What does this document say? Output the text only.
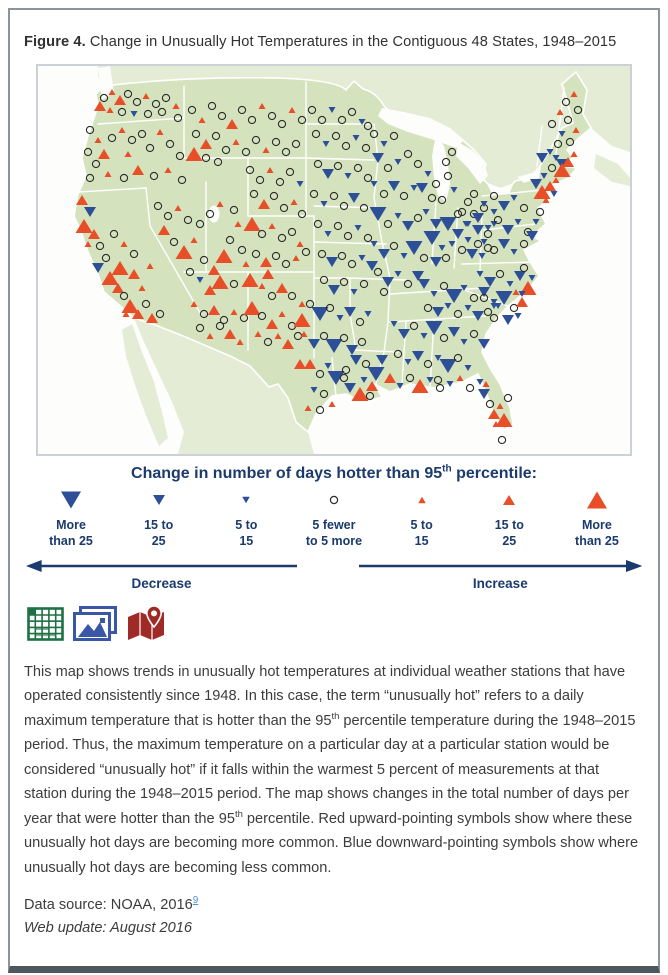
Figure 4. Change in Unusually Hot Temperatures in the Contiguous 48 States, 1948–2015
Change in number of days hotter than 95th percentile:
More
than 25
15 to
25
5 to
15
5 fewer
to 5 more
5 to
15
15 to
25
More
than 25
Decrease	Increase

This map shows trends in unusually hot temperatures at individual weather stations that have operated consistently since 1948. In this case, the term “unusually hot” refers to a daily maximum temperature that is hotter than the 95th percentile temperature during the 1948–2015 period. Thus, the maximum temperature on a particular day at a particular station would be considered “unusually hot” if it falls within the warmest 5 percent of measurements at that station during the 1948–2015 period. The map shows changes in the total number of days per year that were hotter than the 95th percentile. Red upward-pointing symbols show where these unusually hot days are becoming more common. Blue downward-pointing symbols show where unusually hot days are becoming less common.

Data source: NOAA, 2016$^9$
Web update: August 2016
